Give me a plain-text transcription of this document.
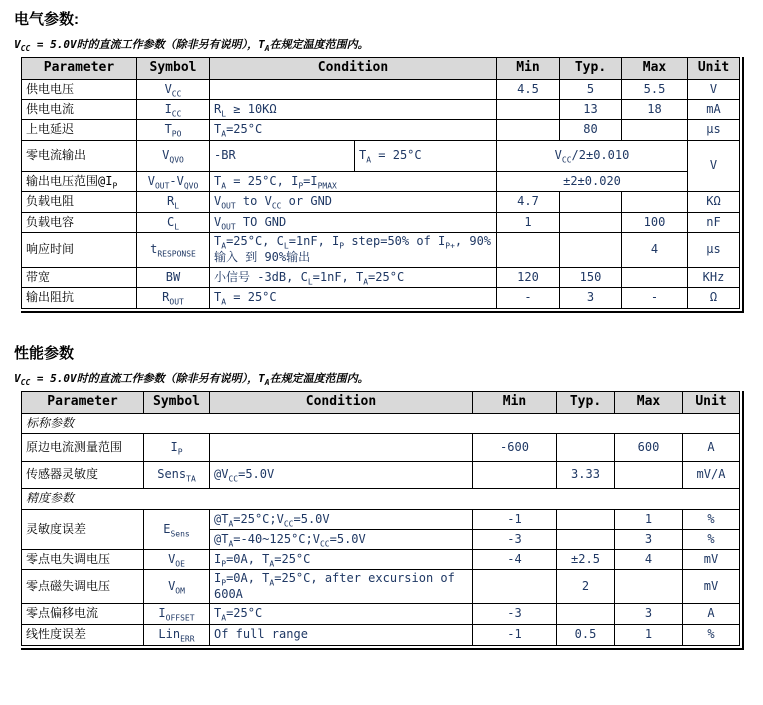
电气参数:

$V_{CC} = 5.0V$时的直流工作参数（除非另有说明），$T_A$在规定温度范围内。

Parameter	Symbol	Condition		Min	Typ.	Max	Unit
供电电压	$V_{CC}$			4.5	5	5.5	V
供电电流	$I_{CC}$	$R_L \ge 10K\Omega$			13	18	mA
上电延迟	$T_{PO}$	$T_A=25^\circ C$			80		µs
零电流输出	$V_{QVO}$	-BR	$T_A = 25^\circ C$	$V_{CC}/2\pm 0.010$			V
输出电压范围$@I_P$	$V_{OUT}-V_{QVO}$	$T_A = 25^\circ C$, $I_P=I_{PMAX}$		±2±0.020			
负载电阻	$R_L$	$V_{OUT}$ to $V_{CC}$ or GND		4.7			KΩ
负载电容	$C_L$	$V_{OUT}$ TO GND		1		100	nF
响应时间	$t_{RESPONSE}$	$T_A=25^\circ C$, $C_L=1nF$, $I_P$ step=50% of $I_{P+}$, 90%
输入 到 90%输出				4	µs
带宽	BW	小信号 -3dB, $C_L=1nF$, $T_A=25^\circ C$		120	150		KHz
输出阻抗	$R_{OUT}$	$T_A = 25^\circ C$		-	3	-	Ω
性能参数

$V_{CC} = 5.0V$时的直流工作参数（除非另有说明），$T_A$在规定温度范围内。

Parameter	Symbol	Condition	Min	Typ.	Max	Unit
标称参数						
原边电流测量范围	$I_P$		-600		600	A
传感器灵敏度	Sens$_{TA}$	$@V_{CC}=5.0V$		3.33		mV/A
精度参数						
灵敏度误差	$E_{Sens}$	$@T_A=25^\circ C;V_{CC}=5.0V$	-1		1	%
		$@T_A=-40\sim 125^\circ C;V_{CC}=5.0V$	-3		3	%
零点电失调电压	$V_{OE}$	$I_P=0A$, $T_A=25^\circ C$	-4	±2.5	4	mV
零点磁失调电压	$V_{OM}$	$I_P=0A$, $T_A=25^\circ C$, after excursion of 600A		2		mV
零点偏移电流	$I_{OFFSET}$	$T_A=25^\circ C$	-3		3	A
线性度误差	Lin$_{ERR}$	Of full range	-1	0.5	1	%
